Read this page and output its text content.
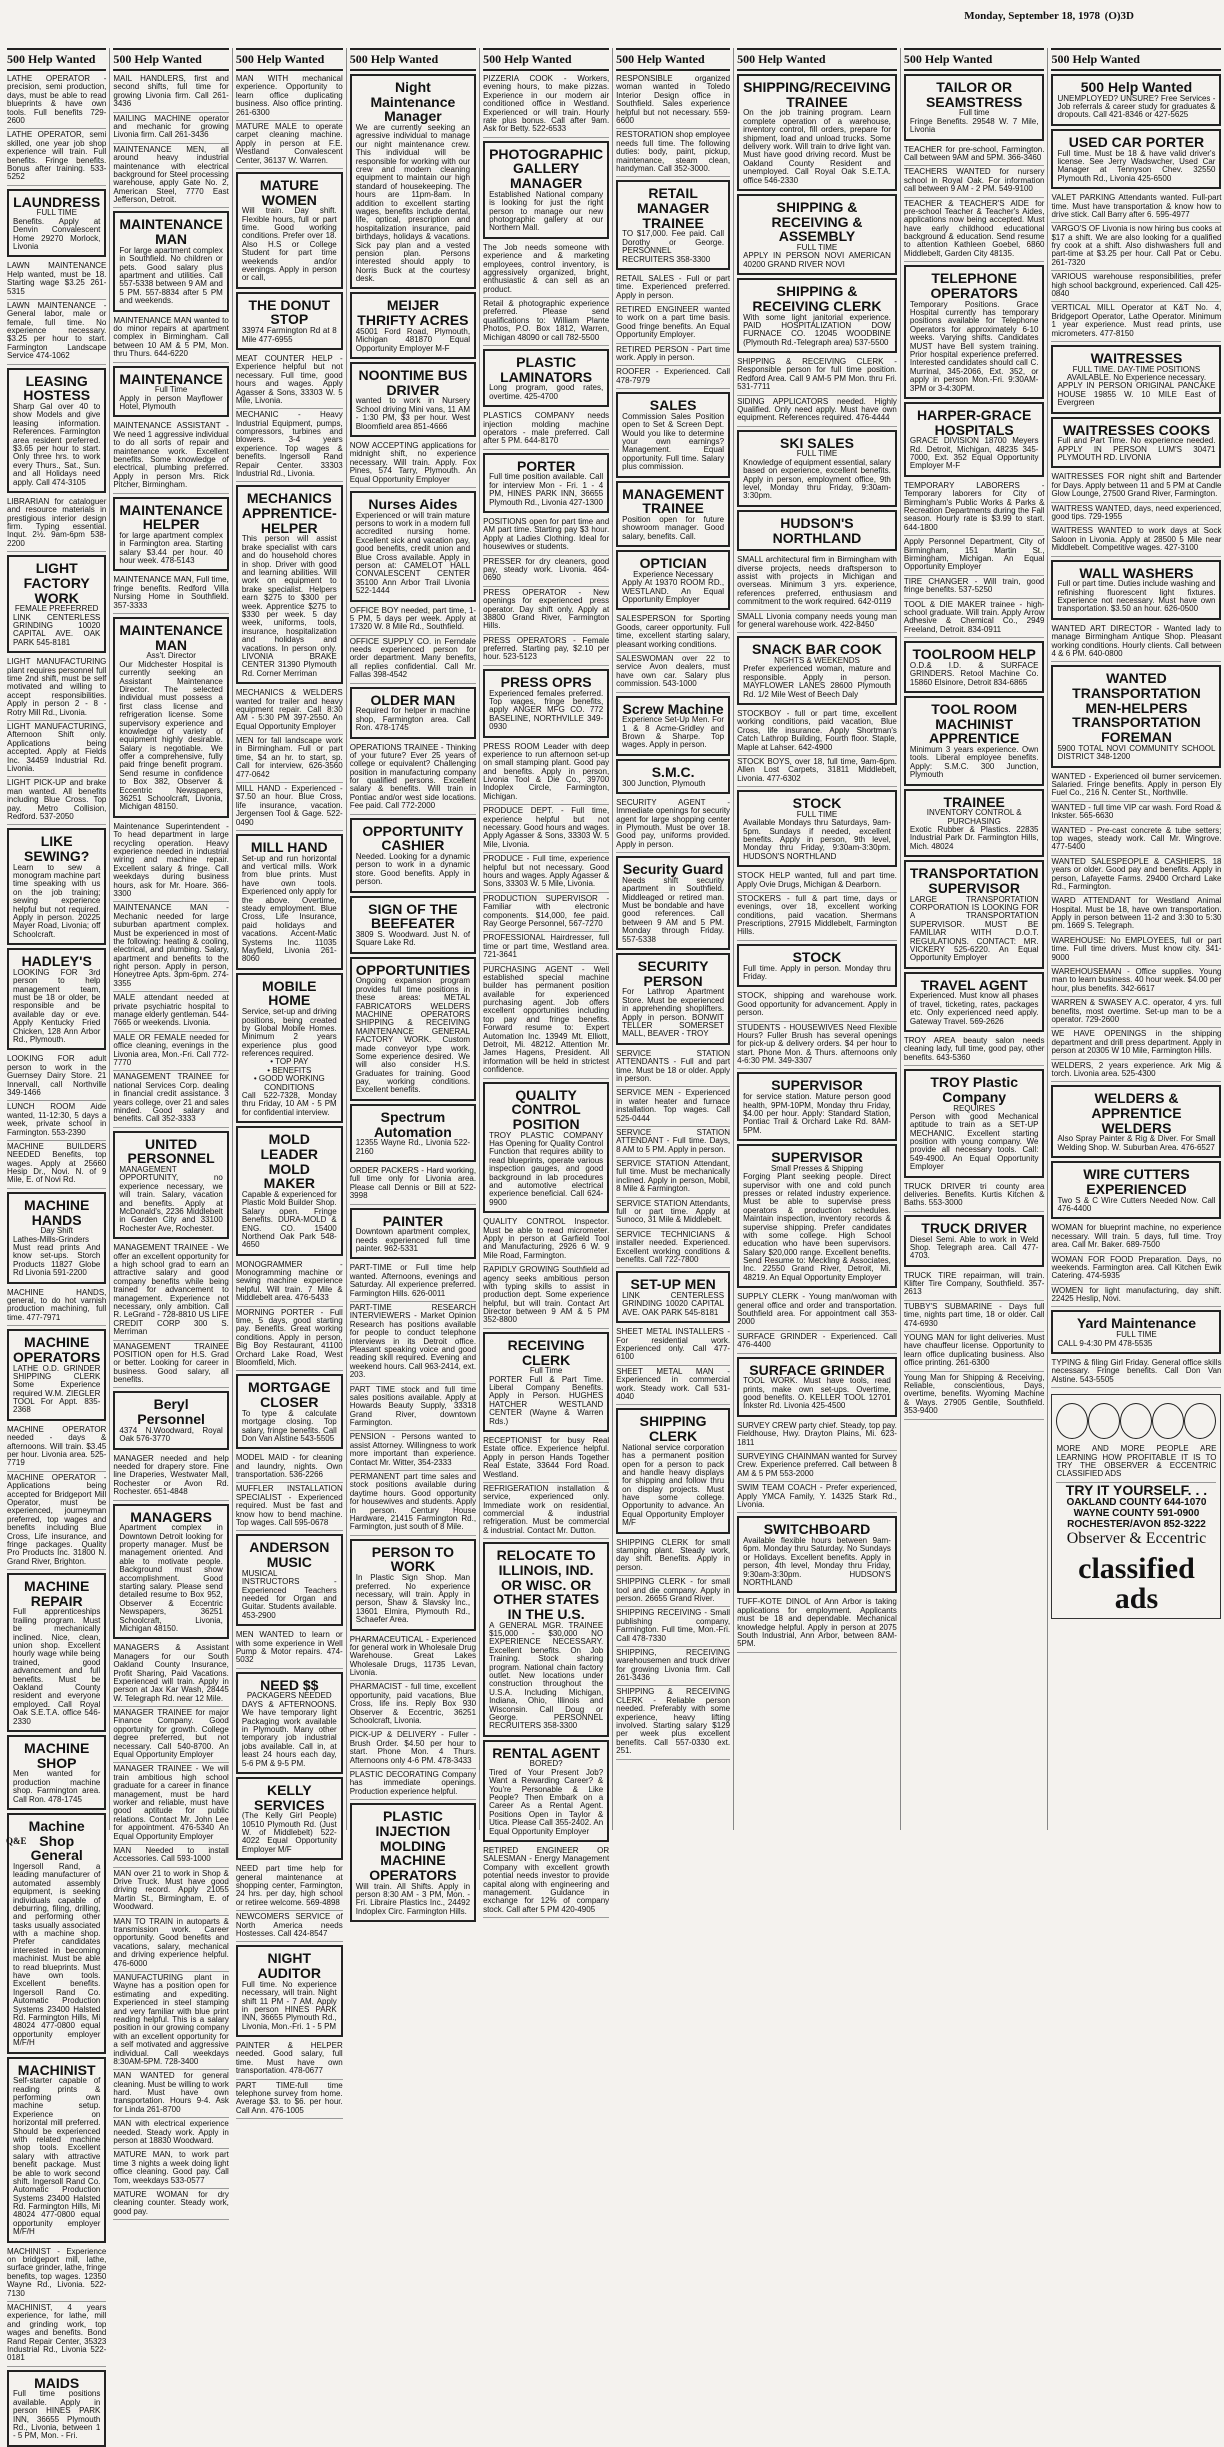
Monday, September 18, 1978 (O)3D
500 Help Wanted
LATHE OPERATOR - precision, semi production, days, must be able to read blueprints & have own tools. Full benefits 729-2600
LATHE OPERATOR, semi skilled, one year job shop experience will train. Full benefits. Fringe benefits. Bonus after training. 533-5252
LAUNDRESS
FULL TIME
Benefits. Apply at Denvin Convalescent Home 29270 Morlock, Livonia
LAWN MAINTENANCE Help wanted, must be 18. Starting wage $3.25 261-5315
LAWN MAINTENANCE - General labor, male or female, full time. No experience necessary. $3.25 per hour to start. Farmington Landscape Service 474-1062
LEASING HOSTESS
Sharp Gal over 40 to show Models and give leasing information. References. Farmington area resident preferred. $3.65 per hour to start. Only three hrs. to work every Thurs., Sat., Sun. and all Holidays need apply. Call 474-3105
LIBRARIAN for cataloguer and resource materials in prestigious interior design firm. Typing essential. Inqut. 2½. 9am-6pm 538-2200
LIGHT FACTORY WORK
FEMALE PREFERRED
LINK CENTERLESS GRINDING 10020 CAPITAL AVE. OAK PARK 545-8181
LIGHT MANUFACTURING plant requires personnel full time 2nd shift, must be self motivated and willing to accept responsibilities. Apply in person 2 - 8 - Rotry Mill Rd., Livonia.
LIGHT MANUFACTURING, Afternoon Shift only. Applications being accepted. Apply at Fields Inc. 34459 Industrial Rd. Livonia.
LIGHT PICK-UP and brake man wanted. All benefits including Blue Cross. Top pay. Metro Collision, Redford. 537-2050
LIKE SEWING?
Learn to sew a monogram machine part time speaking with us on the job training; sewing experience helpful but not required. Apply in person. 20225 Mayer Road, Livonia; off Schoolcraft.
HADLEY'S
LOOKING FOR 3rd person to help management team, must be 18 or older, be responsible and be available day or eve. Apply Kentucky Fried Chicken, 128 Ann Arbor Rd., Plymouth.
LOOKING FOR adult person to work in the Guernsey Dairy Store. 21 Innervall, call Northville 349-1466
LUNCH ROOM Aide wanted, 11-12:30, 5 days a week, private school in Farmington. 553-2390
MACHINE BUILDERS NEEDED Benefits, top wages. Apply at 25660 Hesip Dr., Novi. N. of 9 Mile, E. of Novi Rd.
MACHINE HANDS
Day Shift
Lathes-Mills-Grinders Must read prints And know set-ups. Storch Products 11827 Globe Rd Livonia 591-2200
MACHINE HANDS, general, to do hot varnish production machining, full time. 477-7971
MACHINE OPERATORS
LATHE O.D. GRINDER SHIPPING CLERK Some Experience required W.M. ZIEGLER TOOL For Appt. 835-2368
MACHINE OPERATOR needed - days & afternoons. Will train. $3.45 per hour. Livonia area. 525-7719
MACHINE OPERATOR - Applications being accepted for Bridgeport Mill Operator, must be experienced, journeyman preferred, top wages and benefits including Blue Cross, Life insurance, and fringe packages. Quality Pro Products Inc. 31800 N. Grand River, Brighton.
MACHINE REPAIR
Full apprenticeships trailing program. Must be mechanically inclined. Nice, clean, union shop. Excellent hourly wage while being trained, good advancement and full benefits. Must be Oakland County resident and everyone employed. Call Royal Oak S.E.T.A. office 546-2330
MACHINE SHOP
Men wanted for production machine shop. Farmington area. Call Ron. 478-1745
Machine Shop General
Ingersoll Rand, a leading manufacturer of automated assembly equipment, is seeking individuals capable of deburring, filing, drilling, and performing other tasks usually associated with a machine shop. Prefer candidates interested in becoming machinist. Must be able to read blueprints. Must have own tools. Excellent benefits. Ingersoll Rand Co. Automatic Production Systems 23400 Halsted Rd. Farmington Hills, Mi 48024 477-0800 equal opportunity employer M/F/H
MACHINIST
Self-starter capable of reading prints & performing own machine setup. Experience on horizontal mill preferred. Should be experienced with related machine shop tools. Excellent salary with attractive benefit package. Must be able to work second shift. Ingersoll Rand Co. Automatic Production Systems 23400 Halsted Rd. Farmington Hills, Mi 48024 477-0800 equal opportunity employer M/F/H
MACHINIST - Experience on bridgeport mill, lathe, surface grinder, lathe, fringe benefits, top wages. 12350 Wayne Rd., Livonia. 522-7130
MACHINIST, 4 years experience, for lathe, mill and grinding work, top wages and benefits. Bond Rand Repair Center, 35323 Industrial Rd., Livonia 522-0181
MAIDS
Full time positions available. Apply in person HINES PARK INN, 36655 Plymouth Rd., Livonia, between 1 - 5 PM, Mon. - Fri.
500 Help Wanted
MAIL HANDLERS, first and second shifts, full time for growing Livonia firm. Call 261-3436
MAILING MACHINE operator and mechanic for growing Livonia firm. Call 261-3436
MAINTENANCE MEN, all around heavy industrial maintenance with electrical background for Steel processing warehouse, apply Gate No. 2, American Steel, 7770 East Jefferson, Detroit.
MAINTENANCE MAN
For large apartment complex in Southfield. No children or pets. Good salary plus apartment and utilities. Call 557-5338 between 9 AM and 5 PM. 557-8834 after 5 PM and weekends.
MAINTENANCE MAN wanted to do minor repairs at apartment complex in Birmingham. Call between 10 AM & 5 PM, Mon. thru Thurs. 644-6220
MAINTENANCE
Full Time
Apply in person Mayflower Hotel, Plymouth
MAINTENANCE ASSISTANT - We need 1 aggressive individual to do all sorts of repair and maintenance work. Excellent benefits. Some knowledge of electrical, plumbing preferred. Apply in person Mrs. Rick Pitcher, Birmingham.
MAINTENANCE HELPER
for large apartment complex in Farmington area. Starting salary $3.44 per hour. 40 hour week. 478-5143
MAINTENANCE MAN, Full time, fringe benefits. Redford Villa Nursing Home in Southfield. 357-3333
MAINTENANCE MAN
Ass't. Director
Our Midchester Hospital is currently seeking an Assistant Maintenance Director. The selected individual must possess a first class license and refrigeration license. Some supervisory experience and knowledge of variety of equipment highly desirable. Salary is negotiable. We offer a comprehensive, fully paid fringe benefit program. Send resume in confidence to Box 382, Observer & Eccentric Newspapers, 36251 Schoolcraft, Livonia, Michigan 48150.
Maintenance Superintendent - To head department in large recycling operation. Heavy experience needed in industrial wiring and machine repair. Excellent salary & fringe. Call weekdays during business hours, ask for Mr. Hoare. 366-3300
MAINTENANCE MAN - Mechanic needed for large suburban apartment complex. Must be experienced in most of the following: heating & cooling, electrical, and plumbing. Salary, apartment and benefits to the right person. Apply in person, Honeytree Apts. 3pm-6pm. 274-3355
MALE attendant needed at private psychiatric hospital to manage elderly gentleman. 544-7665 or weekends. Livonia.
MALE OR FEMALE needed for office cleaning, evenings in the Livonia area, Mon.-Fri. Call 772-7770
MANAGEMENT TRAINEE for national Services Corp. dealing in financial credit assistance. 3 years college, over 21 and sales minded. Good salary and benefits. Call 352-3333
UNITED PERSONNEL
MANAGEMENT OPPORTUNITY, no experience necessary, we will train. Salary, vacation and benefits. Apply at McDonald's, 2236 Middlebelt in Garden City and 33100 Rochester Ave, Rochester.
MANAGEMENT TRAINEE - We offer an excellent opportunity for a high school grad to earn an attractive salary and good company benefits while being trained for advancement to management. Experience not necessary, only ambition. Call R. LeGrand - 728-8810 US LIFE CREDIT CORP 300 S. Merriman
MANAGEMENT TRAINEE POSITION open for H.S. Grad or better. Looking for career in business. Good salary, all benefits.
Beryl Personnel
4374 N.Woodward, Royal Oak 576-3770
MANAGER needed and help needed for drapery store. Fine line Draperies, Westwater Mall, Rochester or Avon Rd. Rochester. 651-4848
MANAGERS
Apartment complex in Downtown Detroit looking for property manager. Must be management oriented. And able to motivate people. Background must show accomplishment. Good starting salary. Please send detailed resume to Box 952, Observer & Eccentric Newspapers, 36251 Schoolcraft, Livonia, Michigan 48150.
MANAGERS & Assistant Managers for our South Oakland County Insurance, Profit Sharing, Paid Vacations. Experienced will train. Apply in person at Jax Kar Wash, 28445 W. Telegraph Rd. near 12 Mile.
MANAGER TRAINEE for major Finance Company. Good opportunity for growth. College degree preferred, but not necessary. Call 540-8700. An Equal Opportunity Employer
MANAGER TRAINEE - We will train ambitious high school graduate for a career in finance management, must be hard worker and reliable, must have good aptitude for public relations. Contact Mr. John Lee for appointment. 476-5340 An Equal Opportunity Employer
MAN Needed to install Accessories. Call 593-1000
MAN over 21 to work in Shop & Drive Truck. Must have good driving record. Apply 21055 Martin St., Birmingham, E. of Woodward.
MAN TO TRAIN in autoparts & transmission work. Career opportunity. Good benefits and vacations, salary, mechanical and driving experience helpful. 476-6000
MANUFACTURING plant in Wayne has a position open for estimating and expediting. Experienced in steel stamping and very familiar with blue print reading helpful. This is a salary position in our growing company with an excellent opportunity for a self motivated and aggressive individual. Call weekdays 8:30AM-5PM. 728-3400
MAN WANTED for general cleaning. Must be willing to work hard. Must have own transportation. Hours 9-4. Ask for Linda 261-8700
MAN with electrical experience needed. Steady work. Apply in person at 18830 Woodward.
MATURE MAN, to work part time 3 nights a week doing light office cleaning. Good pay. Call Tom, weekdays 533-0577
MATURE WOMAN for dry cleaning counter. Steady work, good pay.
500 Help Wanted
MAN WITH mechanical experience. Opportunity to learn office duplicating business. Also office printing. 261-6300
MATURE MALE to operate carpet cleaning machine. Apply in person at F.E. Westland Convalescent Center, 36137 W. Warren.
MATURE WOMEN
Will train. Day shift. Flexible hours, full or part time. Good working conditions. Prefer over 18. Also H.S or College Student for part time weekends and/or evenings. Apply in person or call,
THE DONUT STOP
33974 Farmington Rd at 8 Mile 477-6955
MEAT COUNTER HELP - Experience helpful but not necessary. Full time, good hours and wages. Apply Agasser & Sons, 33303 W. 5 Mile, Livonia.
MECHANIC - Heavy Industrial Equipment, pumps, compressors, turbines and blowers. 3-4 years experience. Top wages & benefits. Ingersoll Rand Repair Center. 33303 Industrial Rd., Livonia.
MECHANICS APPRENTICE-HELPER
This person will assist brake specialist with cars and do household chores in shop. Driver with good and learning abilities. Will work on equipment to brake specialist. Helpers earn $275 to $300 per week. Apprentice $275 to $330 per week. 5 day week, uniforms, tools, insurance, hospitalization and holidays and vacations. In person only. LIVONIA BRAKE CENTER 31390 Plymouth Rd. Corner Merriman
MECHANICS & WELDERS wanted for trailer and heavy equipment repair. Call 8:30 AM - 5:30 PM 397-2550. An Equal Opportunity Employer
MEN for fall landscape work in Birmingham. Full or part time, $4 an hr. to start, sp. Call for interview, 626-3560 477-0642
MILL HAND - Experienced - $7.50 an hour. Blue Cross, life insurance, vacation. Jergensen Tool & Gage. 522-0490
MILL HAND
Set-up and run horizontal and vertical mills. Work from blue prints. Must have own tools. Experienced only apply for the above. Overtime, steady employment. Blue Cross, Life Insurance, paid holidays and vacations. Accent-Matic Systems Inc. 11035 Mayfield, Livonia 261-8060
MOBILE HOME
Service, set-up and driving positions, being created by Global Mobile Homes. Minimum 2 years experience plus good references required.
• TOP PAY
• BENEFITS
• GOOD WORKING CONDITIONS
Call 522-7328, Monday thru Friday, 10 AM - 5 PM for confidential interview.
MOLD LEADER MOLD MAKER
Capable & experienced for Plastic Mold Builder Shop. Salary open. Fringe Benefits. DURA-MOLD & ENG. CO. 15400 Northend Oak Park 548-4650
MONOGRAMMER - Monogramming machine or sewing machine experience helpful. Will train. 7 Mile & Middlebelt area. 476-5433
MORNING PORTER - Full time, 5 days, good starting pay. Benefits. Great working conditions. Apply in person, Big Boy Restaurant, 41100 Orchard Lake Road, West Bloomfield, Mich.
MORTGAGE CLOSER
To type & calculate mortgage closing. Top salary, fringe benefits. Call Don Van Alstine 543-5505
MODEL MAID - for cleaning and laundry, nights. Own transportation. 536-2266
MUFFLER INSTALLATION SPECIALIST - Experienced required. Must be fast and know how to bend machine. Top wages. Call 595-0678
ANDERSON MUSIC
MUSICAL INSTRUCTORS - Experienced Teachers needed for Organ and Guitar. Students available. 453-2900
MEN WANTED to learn or with some experience in Well Pump & Motor repairs. 474-5032
NEED $$
PACKAGERS NEEDED
DAYS & AFTERNOONS. We have temporary light Packaging work available in Plymouth. Many other temporary job industrial jobs available. Call in, at least 24 hours each day, 5-6 PM & 9-5 PM.
KELLY SERVICES
(The Kelly Girl People) 10510 Plymouth Rd. (Just W. of Middlebelt) 522-4022 Equal Opportunity Employer M/F
NEED part time help for general maintenance at shopping center, Farmington, 24 hrs. per day, high school or retiree welcome. 569-4898
NEWCOMERS SERVICE of North America needs Hostesses. Call 424-8547
NIGHT AUDITOR
Full time. No experience necessary, will train. Night shift 11 PM - 7 AM. Apply in person HINES PARK INN, 36655 Plymouth Rd., Livonia, Mon.-Fri. 1 - 5 PM
PAINTER & HELPER needed. Good salary, full time. Must have own transportation. 478-0677
PART TIME-full time telephone survey from home. Average $3. to $6. per hour. Call Ann. 476-1005
500 Help Wanted
Night Maintenance Manager
We are currently seeking an agressive individual to manage our night maintenance crew. This individual will be responsible for working with our crew and modern cleaning equipment to maintain our high standard of housekeeping. The hours are 11pm-8am. In addition to excellent starting wages, benefits include dental, life, optical, prescription and hospitalization insurance, paid birthdays, holidays & vacations. Sick pay plan and a vested pension plan. Persons interested should apply to Norris Buck at the courtesy desk.
MEIJER THRIFTY ACRES
45001 Ford Road, Plymouth, Michigan 481870 Equal Opportunity Employer M-F
NOONTIME BUS DRIVER
wanted to work in Nursery School driving Mini vans, 11 AM - 1:30 PM, $3 per hour. West Bloomfield area 851-4666
NOW ACCEPTING applications for midnight shift, no experience necessary. Will train. Apply. Fox Pines, 574 Tarry, Plymouth. An Equal Opportunity Employer
Nurses Aides
Experienced or will train mature persons to work in a modern full accredited nursing home. Excellent sick and vacation pay, good benefits, credit union and Blue Cross available. Apply in person at: CAMELOT HALL CONVALESCENT CENTER 35100 Ann Arbor Trail Livonia 522-1444
OFFICE BOY needed, part time, 1-5 PM, 5 days per week. Apply at 17320 W. 8 Mile Rd., Southfield.
OFFICE SUPPLY CO. in Ferndale needs experienced person for order department. Many benefits, all replies confidential. Call Mr. Fallas 398-4542
OLDER MAN
Required for helper in machine shop, Farmington area. Call Ron. 478-1745
OPERATIONS TRAINEE - Thinking of your future? Ever 25 years of college or equivalent? Challenging position in manufacturing company for qualified persons. Excellent salary & benefits. Will train in Pontiac and/or west side locations. Fee paid. Call 772-2000
OPPORTUNITY CASHIER
Needed. Looking for a dynamic person to work in a dynamic store. Good benefits. Apply in person.
SIGN OF THE BEEFEATER
3809 S. Woodward. Just N. of Square Lake Rd.
OPPORTUNITIES
Ongoing expansion program provides full time positions in these areas: METAL FABRICATORS WELDERS MACHINE OPERATORS SHIPPING & RECEIVING MAINTENANCE GENERAL FACTORY WORK. Custom made conveyor type work. Some experience desired. We will also consider H.S. Graduates for training. Good pay, working conditions. Excellent benefits.
Spectrum Automation
12355 Wayne Rd., Livonia 522-2160
ORDER PACKERS - Hard working, full time only for Livonia area. Please call Dennis or Bill at 522-3998
PAINTER
Downtown apartment complex, needs experienced full time painter. 962-5331
PART-TIME or Full time help wanted. Afternoons, evenings and Saturday. All experience preferred. Farmington Hills. 626-0011
PART-TIME RESEARCH INTERVIEWERS - Market Opinion Research has positions available for people to conduct telephone interviews in its Detroit office. Pleasant speaking voice and good reading skill required. Evening and weekend hours. Call 963-2414, ext. 203.
PART TIME stock and full time sales positions available. Apply at Howards Beauty Supply, 33318 Grand River, downtown Farmington.
PENSION - Persons wanted to assist Attorney. Willingness to work more important than experience. Contact Mr. Witter, 354-2333
PERMANENT part time sales and stock positions available during daytime hours. Good opportunity for housewives and students. Apply in person. Century House Hardware, 21415 Farmington Rd., Farmington, just south of 8 Mile.
PERSON TO WORK
In Plastic Sign Shop. Man preferred. No experience necessary, will train. Apply in person, Shaw & Slavsky Inc., 13601 Elmira, Plymouth Rd., Schaefer Area.
PHARMACEUTICAL - Experienced for general work in Wholesale Drug Warehouse. Great Lakes Wholesale Drugs, 11735 Levan, Livonia.
PHARMACIST - full time, excellent opportunity, paid vacations, Blue Cross, life ins. Reply Box 930 Observer & Eccentric, 36251 Schoolcraft, Livonia.
PICK-UP & DELIVERY - Fuller - Brush Order. $4.50 per hour to start. Phone Mon. 4 Thurs. Afternoons only 4-6 PM. 478-3433
PLASTIC DECORATING Company has immediate openings. Production experience helpful.
PLASTIC INJECTION MOLDING MACHINE OPERATORS
Will train. All Shifts. Apply in person 8:30 AM - 3 PM, Mon. - Fri. Libraire Plastics Inc., 24492 Indoplex Circ. Farmington Hills.
500 Help Wanted
PIZZERIA COOK - Workers, evening hours, to make pizzas. Experience in our modern air conditioned office in Westland. Experienced or will train. Hourly rate plus bonus. Call after 9am. Ask for Betty. 522-6533
PHOTOGRAPHIC GALLERY MANAGER
Established National company is looking for just the right person to manage our new photographic gallery at our Northern Mall.
The Job needs someone with experience and & marketing employees, control inventory, is aggressively organized, bright, enthusiastic & can sell as an product.
Retail & photographic experience preferred. Please send qualifications to: William Plante Photos, P.O. Box 1812, Warren, Michigan 48090 or call 782-5500
PLASTIC LAMINATORS
Long program, good rates, overtime. 425-4700
PLASTICS COMPANY needs injection molding machine operators - male preferred. Call after 5 PM. 644-8170
PORTER
Full time position available. Call for interview Mon - Fri. 1 - 4 PM, HINES PARK INN, 36655 Plymouth Rd., Livonia 427-1300
POSITIONS open for part time and AM part time. Starting pay $3 hour. Apply at Ladies Clothing. Ideal for housewives or students.
PRESSER for dry cleaners, good pay, steady work. Livonia. 464-0690
PRESS OPERATOR - New openings for experienced press operator. Day shift only. Apply at 38800 Grand River, Farmington Hills.
PRESS OPERATORS - Female preferred. Starting pay, $2.10 per hour. 523-5123
PRESS OPRS
Experienced females preferred. Top wages, fringe benefits, apply ANGER MFG CO. 772 BASELINE, NORTHVILLE 349-0930
PRESS ROOM Leader with deep experience to run afternoon set-up on small stamping plant. Good pay and benefits. Apply in person, Livonia Tool & Die Co., 39700 Indoplex Circle, Farmington, Michigan.
PRODUCE DEPT. - Full time, experience helpful but not necessary. Good hours and wages. Apply Agasser & Sons, 33303 W. 5 Mile, Livonia.
PRODUCE - Full time, experience helpful but not necessary. Good hours and wages. Apply Agasser & Sons, 33303 W. 5 Mile, Livonia.
PRODUCTION SUPERVISOR - Familiar with electronic components. $14,000, fee paid. Ray George Personnel, 567-7270
PROFESSIONAL Hairdresser, full time or part time, Westland area. 721-3641
PURCHASING AGENT - Well established special machine builder has permanent position available for experienced purchasing agent. Job offers excellent opportunities including top pay and fringe benefits. Forward resume to: Expert Automation Inc. 13949 Mt. Elliott, Detroit, Mi. 48212. Attention Mr. James Hagens, President. All information will be held in strictest confidence.
QUALITY CONTROL POSITION
TROY PLASTIC COMPANY Has Opening for Quality Control Function that requires ability to read blueprints, operate various inspection gauges, and good background in lab procedures and automotive electrical experience beneficial. Call 624-9900
QUALITY CONTROL Inspector. Must be able to read micrometer. Apply in person at Garfield Tool and Manufacturing, 2926 6 W. 9 Mile Road, Farmington.
RAPIDLY GROWING Southfield ad agency seeks ambitious person with typing skills to assist in production dept. Some experience helpful, but will train. Contact Art Director between 9 AM & 5 PM 352-8800
RECEIVING CLERK
Full Time
PORTER Full & Part Time. Liberal Company Benefits. Apply in Person. HUGHES HATCHER WESTLAND CENTER (Wayne & Warren Rds.)
RECEPTIONIST for busy Real Estate office. Experience helpful. Apply in person Hands Together Real Estate, 33644 Ford Road. Westland.
REFRIGERATION installation & service, experienced only. Immediate work on residential, commercial & industrial refrigeration. Must be commercial & industrial. Contact Mr. Dutton.
RELOCATE TO ILLINOIS, IND. OR WISC. OR OTHER STATES IN THE U.S.
A GENERAL MGR. TRAINEE $15,000 - $30,000 NO EXPERIENCE NECESSARY. Excellent benefits. On Job Training. Stock sharing program. National chain factory outlet. New locations under construction throughout the U.S.A. Including Michigan, Indiana, Ohio, Illinois and Wisconsin. Call Doug or George. PERSONNEL RECRUITERS 358-3300
RENTAL AGENT
BORED?
Tired of Your Present Job? Want a Rewarding Career? & You're Personable & Like People? Then Embark on a Career As a Rental Agent. Positions Open in Taylor & Utica. Please Call 355-2402. An Equal Opportunity Employer
RETIRED ENGINEER OR SALESMAN - Energy Management Company with excellent growth potential needs investor to provide capital along with engineering and management. Guidance in exchange for 12% of company stock. Call after 5 PM 420-4905
500 Help Wanted
RESPONSIBLE organized woman wanted in Toledo Interior Design office in Southfield. Sales experience helpful but not necessary. 559-6600
RESTORATION shop employee needs full time. The following duties: body, paint, pickup, maintenance, steam clean, handyman. Call 352-3000.
RETAIL MANAGER TRAINEE
TO $17,000. Fee paid. Call Dorothy or George. PERSONNEL RECRUITERS 358-3300
RETAIL SALES - Full or part time. Experienced preferred. Apply in person.
RETIRED ENGINEER wanted to work on a part time basis. Good fringe benefits. An Equal Opportunity Employer.
RETIRED PERSON - Part time work. Apply in person.
ROOFER - Experienced. Call 478-7979
SALES
Commission Sales Position open to Set & Screen Dept. Would you like to determine your own earnings? Management. Equal opportunity. Full time. Salary plus commission.
MANAGEMENT TRAINEE
Position open for future showroom manager. Good salary, benefits. Call.
OPTICIAN
Experience Necessary
Apply At 19370 ROOM RD., WESTLAND. An Equal Opportunity Employer
SALESPERSON for Sporting Goods, career opportunity. Full time, excellent starting salary, pleasant working conditions.
SALESWOMAN over 22 to service Avon dealers, must have own car. Salary plus commission. 543-1000
Screw Machine
Experience Set-Up Men. For 1 & 8 Acme-Gridley and Brown & Sharpe. Top wages. Apply in person.
S.M.C.
300 Junction, Plymouth
SECURITY AGENT - Immediate openings for security agent for large shopping center in Plymouth. Must be over 18. Good pay, uniforms provided. Apply in person.
Security Guard
Needs shift security apartment in Southfield. Middleaged or retired man. Must be bondable and have good references. Call between 9 AM and 5 PM. Monday through Friday. 557-5338
SECURITY PERSON
For Lathrop Apartment Store. Must be experienced in apprehending shoplifters. Apply in person. BONWIT TELLER SOMERSET MALL, BEAVER - TROY
SERVICE STATION ATTENDANTS - Full and part time. Must be 18 or older. Apply in person.
SERVICE MEN - Experienced in water heater and furnace installation. Top wages. Call 525-0444
SERVICE STATION ATTENDANT - Full time. Days, 8 AM to 5 PM. Apply in person.
SERVICE STATION Attendant, full time. Must be mechanically inclined. Apply in person, Mobil, 8 Mile & Farmington.
SERVICE STATION Attendants, full or part time. Apply at Sunoco, 31 Mile & Middlebelt.
SERVICE TECHNICIANS & installer needed. Experienced. Excellent working conditions & benefits. Call 722-7800
SET-UP MEN
LINK CENTERLESS GRINDING 10020 CAPITAL AVE. OAK PARK 545-8181
SHEET METAL INSTALLERS - For residential work. Experienced only. Call 477-6100
SHEET METAL MAN - Experienced in commercial work. Steady work. Call 531-4040
SHIPPING CLERK
National service corporation has a permanent position open for a person to pack and handle heavy displays for shipping and follow thru on display projects. Must have some college. Opportunity to advance. An Equal Opportunity Employer M/F
SHIPPING CLERK for small stamping plant. Steady work, day shift. Benefits. Apply in person.
SHIPPING CLERK - for small tool and die company. Apply in person. 26655 Grand River.
SHIPPING RECEIVING - Small publishing company, Farmington. Full time, Mon.-Fri. Call 478-7330
SHIPPING, RECEIVING warehousemen and truck driver for growing Livonia firm. Call 261-3436
SHIPPING & RECEIVING CLERK - Reliable person needed. Preferably with some experience, heavy lifting involved. Starting salary $129 per week plus excellent benefits. Call 557-0330 ext. 251.
500 Help Wanted
SHIPPING/RECEIVING TRAINEE
On the job training program. Learn complete operation of a warehouse, inventory control, fill orders, prepare for shipment, load and unload trucks. Some delivery work. Will train to drive light van. Must have good driving record. Must be Oakland County Resident and unemployed. Call Royal Oak S.E.T.A. office 546-2330
SHIPPING & RECEIVING & ASSEMBLY
FULL TIME
APPLY IN PERSON NOVI AMERICAN 40200 GRAND RIVER NOVI
SHIPPING & RECEIVING CLERK
With some light janitorial experience. PAID HOSPITALIZATION DOW FURNACE CO. 12045 WOODBINE (Plymouth Rd.-Telegraph area) 537-5500
SHIPPING & RECEIVING CLERK - Responsible person for full time position. Redford Area. Call 9 AM-5 PM Mon. thru Fri. 531-7711
SIDING APPLICATORS needed. Highly Qualified. Only need apply. Must have own equipment. References required. 476-4444
SKI SALES
FULL TIME
Knowledge of equipment essential, salary based on experience, excellent benefits. Apply in person, employment office, 9th level, Monday thru Friday, 9:30am-3:30pm.
HUDSON'S NORTHLAND
SMALL architectural firm in Birmingham with diverse projects, needs draftsperson to assist with projects in Michigan and overseas. Minimum 3 yrs. experience, references preferred, enthusiasm and commitment to the work required. 642-0119
SMALL Livonia company needs young man for general warehouse work. 422-8450
SNACK BAR COOK
NIGHTS & WEEKENDS
Prefer experienced woman, mature and responsible. Apply in person. MAYFLOWER LANES 28600 Plymouth Rd. 1/2 Mile West of Beech Daly
STOCKBOY - full or part time, excellent working conditions, paid vacation, Blue Cross, life insurance. Apply Shortman's Catch Lathrop Building, Fourth floor. Staple, Maple at Lahser. 642-4900
STOCK BOYS, over 18, full time, 9am-6pm. Allen Lost Carpets, 31811 Middlebelt, Livonia. 477-6302
STOCK
FULL TIME
Available Mondays thru Saturdays, 9am-5pm. Sundays if needed, excellent benefits. Apply in person, 9th level, Monday thru Friday, 9:30am-3:30pm. HUDSON'S NORTHLAND
STOCK HELP wanted, full and part time. Apply Ovie Drugs, Michigan & Dearborn.
STOCKERS - full & part time, days or evenings, over 18, excellent working conditions, paid vacation. Shermans Prescriptions, 27915 Middlebelt, Farmington Hills.
STOCK
Full time. Apply in person. Monday thru Friday.
STOCK, shipping and warehouse work. Good opportunity for advancement. Apply in person.
STUDENTS - HOUSEWIVES Need Flexible Hours? Fuller Brush has several openings for pick-up & delivery orders. $4 per hour to start. Phone Mon. & Thurs. afternoons only 4-6:30 PM. 349-3307
SUPERVISOR
for service station. Mature person good health, 9PM-10PM, Monday thru Friday, $4.00 per hour. Apply: Standard Station, Pontiac Trail & Orchard Lake Rd. 8AM-5PM.
SUPERVISOR
Small Presses & Shipping
Forging Plant seeking people. Direct supervisor with one and cold punch presses or related industry experience. Must be able to supervise press operators & production schedules. Maintain inspection, inventory records & supervise shipping. Prefer candidates with some college. High School education who have been supervisors. Salary $20,000 range. Excellent benefits. Send Resume to: Meckling & Associates, Inc. 22550 Grand River, Detroit, Mi. 48219. An Equal Opportunity Employer
SUPPLY CLERK - Young man/woman with general office and order and transportation. Southfield area. For appointment call 353-2000
SURFACE GRINDER - Experienced. Call 476-4400
SURFACE GRINDER
TOOL WORK. Must have tools, read prints, make own set-ups. Overtime, good benefits. O. KELLER TOOL 12701 Inkster Rd. Livonia 425-4500
SURVEY CREW party chief. Steady, top pay. Fieldhouse, Hwy. Drayton Plains, Mi. 623-1811
SURVEYING CHAINMAN wanted for Survey Crew. Experience preferred. Call between 8 AM & 5 PM 553-2000
SWIM TEAM COACH - Prefer experienced, Apply YMCA Family, Y. 14325 Stark Rd., Livonia.
SWITCHBOARD
Available flexible hours between 9am-6pm. Monday thru Saturday. No Sundays or Holidays. Excellent benefits. Apply in person, 4th level, Monday thru Friday, 9:30am-3:30pm. HUDSON'S NORTHLAND
TUFF-KOTE DINOL of Ann Arbor is taking applications for employment. Applicants must be 18 and dependable. Mechanical knowledge helpful. Apply in person at 2075 South Industrial, Ann Arbor, between 8AM-5PM.
500 Help Wanted
TAILOR OR SEAMSTRESS
Full time
Fringe Benefits. 29548 W. 7 Mile, Livonia
TEACHER for pre-school, Farmington. Call between 9AM and 5PM. 366-3460
TEACHERS WANTED for nursery school in Royal Oak. For information call between 9 AM - 2 PM. 549-9100
TEACHER & TEACHER'S AIDE for pre-school Teacher & Teacher's Aides, applications now being accepted. Must have early childhood educational background & education. Send resume to attention Kathleen Goebel, 6860 Middlebelt, Garden City 48135.
TELEPHONE OPERATORS
Temporary Positions. Grace Hospital currently has temporary positions available for Telephone Operators for approximately 6-10 weeks. Varying shifts. Candidates MUST have Bell system training. Prior hospital experience preferred. Interested candidates should call C. Murrinal, 345-2066, Ext. 352, or apply in person Mon.-Fri. 9:30AM-3PM or 3-4:30PM.
HARPER-GRACE HOSPITALS
GRACE DIVISION 18700 Meyers Rd. Detroit, Michigan, 48235 345-7000, Ext. 352 Equal Opportunity Employer M-F
TEMPORARY LABORERS - Temporary laborers for City of Birmingham's Public Works & Parks & Recreation Departments during the Fall season. Hourly rate is $3.99 to start. 644-1800
Apply Personnel Department, City of Birmingham, 151 Martin St., Birmingham, Michigan. An Equal Opportunity Employer
TIRE CHANGER - Will train, good fringe benefits. 537-5250
TOOL & DIE MAKER trainee - high-school graduate. Will train. Apply Arrow Adhesive & Chemical Co., 2949 Freeland, Detroit. 834-0911
TOOLROOM HELP
O.D.& I.D. & SURFACE GRINDERS. Retool Machine Co. 15860 Elsinore, Detroit 834-6865
TOOL ROOM MACHINIST APPRENTICE
Minimum 3 years experience. Own tools. Liberal employee benefits. Apply: S.M.C. 300 Junction, Plymouth
TRAINEE
INVENTORY CONTROL & PURCHASING
Exotic Rubber & Plastics. 22835 Industrial Park Dr. Farmington Hills, Mich. 48024
TRANSPORTATION SUPERVISOR
LARGE TRANSPORTATION CORPORATION IS LOOKING FOR A TRANSPORTATION SUPERVISOR. MUST BE FAMILIAR WITH D.O.T. REGULATIONS. CONTACT: MR. VICKERY 525-6220. An Equal Opportunity Employer
TRAVEL AGENT
Experienced. Must know all phases of travel, ticketing, rates, packages etc. Only experienced need apply. Gateway Travel. 569-2626
TROY AREA beauty salon needs cleaning lady, full time, good pay, other benefits. 643-5360
TROY Plastic Company
REQUIRES
Person with good Mechanical aptitude to train as a SET-UP MECHANIC. Excellent starting position with young company. We provide all necessary tools. Call: 549-4900. An Equal Opportunity Employer
TRUCK DRIVER tri county area deliveries. Benefits. Kurtis Kitchen & Baths. 553-3000
TRUCK DRIVER
Diesel Semi. Able to work in Weld Shop. Telegraph area. Call 477-4703.
TRUCK TIRE repairman, will train. Klifter Tire Company, Southfield. 357-2613
TUBBY'S SUBMARINE - Days full time, nights part time, 18 or older. Call 474-6930
YOUNG MAN for light deliveries. Must have chauffeur license. Opportunity to learn office duplicating business. Also office printing. 261-6300
Young Man for Shipping & Receiving, Reliable, conscientious, Days, overtime, benefits. Wyoming Machine & Ways. 27905 Gentile, Southfield. 353-9400
500 Help Wanted
500 Help Wanted
UNEMPLOYED? UNSURE? Free Services - Job referrals & career study for graduates & dropouts. Call 421-8346 or 427-5625
USED CAR PORTER
Full time. Must be 18 & have valid driver's license. See Jerry Wadswcher, Used Car Manager at Tennyson Chev. 32550 Plymouth Rd., Livonia 425-6500
VALET PARKING Attendants wanted. Full-part time. Must have transportation & know how to drive stick. Call Barry after 6. 595-4977
VARGO'S OF Livonia is now hiring bus cooks at $17 a shift. We are also looking for a qualified fry cook at a shift. Also dishwashers full and part-time at $3.25 per hour. Call Pat or Cebu. 261-7320
VARIOUS warehouse responsibilities, prefer high school background, experienced. Call 425-0840
VERTICAL MILL Operator at K&T No. 4, Bridgeport Operator, Lathe Operator. Minimum 1 year experience. Must read prints, use micrometers. 477-8150
WAITRESSES
FULL TIME. DAY-TIME POSITIONS AVAILABLE. No Experience necessary.
APPLY IN PERSON ORIGINAL PANCAKE HOUSE 19855 W. 10 MILE East of Evergreen
WAITRESSES COOKS
Full and Part Time. No experience needed. APPLY IN PERSON LUM'S 30471 PLYMOUTH RD. LIVONIA
WAITRESSES FOR night shift and Bartender for Days. Apply between 11 and 5 PM at Candle Glow Lounge, 27500 Grand River, Farmington.
WAITRESS WANTED, days, need experienced, good tips. 729-1955
WAITRESS WANTED to work days at Sock Saloon in Livonia. Apply at 28500 5 Mile near Middlebelt. Competitive wages. 427-3100
WALL WASHERS
Full or part time. Duties include washing and refinishing fluorescent light fixtures. Experience not necessary. Must have own transportation. $3.50 an hour. 626-0500
WANTED ART DIRECTOR - Wanted lady to manage Birmingham Antique Shop. Pleasant working conditions. Hourly clients. Call between 4 & 6 PM. 640-0800
WANTED TRANSPORTATION MEN-HELPERS TRANSPORTATION FOREMAN
5900 TOTAL NOVI COMMUNITY SCHOOL DISTRICT 348-1200
WANTED - Experienced oil burner servicemen. Salaried. Fringe benefits. Apply in person Ely Fuel Co., 216 N. Center St., Northville.
WANTED - full time VIP car wash. Ford Road & Inkster. 565-6630
WANTED - Pre-cast concrete & tube setters; top wages, steady work. Call Mr. Wingrove. 477-5400
WANTED SALESPEOPLE & CASHIERS. 18 years or older. Good pay and benefits. Apply in person, Lafayette Farms. 29400 Orchard Lake Rd., Farmington.
WARD ATTENDANT for Westland Animal Hospital. Must be 18, have own transportation. Apply in person between 11-2 and 3:30 to 5:30 pm. 1669 S. Telegraph.
WAREHOUSE: No EMPLOYEES, full or part time. Full time drivers. Must know city. 341-9000
WAREHOUSEMAN - Office supplies. Young man to learn business. 40 hour week. $4.00 per hour, plus benefits. 342-6617
WARREN & SWASEY A.C. operator, 4 yrs. full benefits, most overtime. Set-up man to be a operator. 729-2600
WE HAVE OPENINGS in the shipping department and drill press department. Apply in person at 20305 W 10 Mile, Farmington Hills.
WELDERS, 2 years experience. Ark Mig & torch. Livonia area. 525-4300
WELDERS & APPRENTICE WELDERS
Also Spray Painter & Rig & Diver. For Small Welding Shop. W. Suburban Area. 476-6527
WIRE CUTTERS EXPERIENCED
Two S & C Wire Cutters Needed Now. Call 476-4400
WOMAN for blueprint machine, no experience necessary. Will train. 5 days, full time. Troy area. Call Mr. Baker. 689-7500
WOMAN FOR FOOD Preparation. Days, no weekends. Farmington area. Call Kitchen Ewik Catering. 474-5935
WOMEN for light manufacturing, day shift. 22425 Heslip, Novi.
Yard Maintenance
FULL TIME
CALL 9-4:30 PM 478-5535
TYPING & filing Girl Friday. General office skills necessary. Fringe benefits. Call Don Van Alstine. 543-5505
MORE AND MORE PEOPLE ARE LEARNING HOW PROFITABLE IT IS TO TRY THE OBSERVER & ECCENTRIC CLASSIFIED ADS
TRY IT YOURSELF. . .
OAKLAND COUNTY 644-1070
WAYNE COUNTY 591-0900
ROCHESTER/AVON 852-3222
Observer & Eccentric
classified ads
Q&E
